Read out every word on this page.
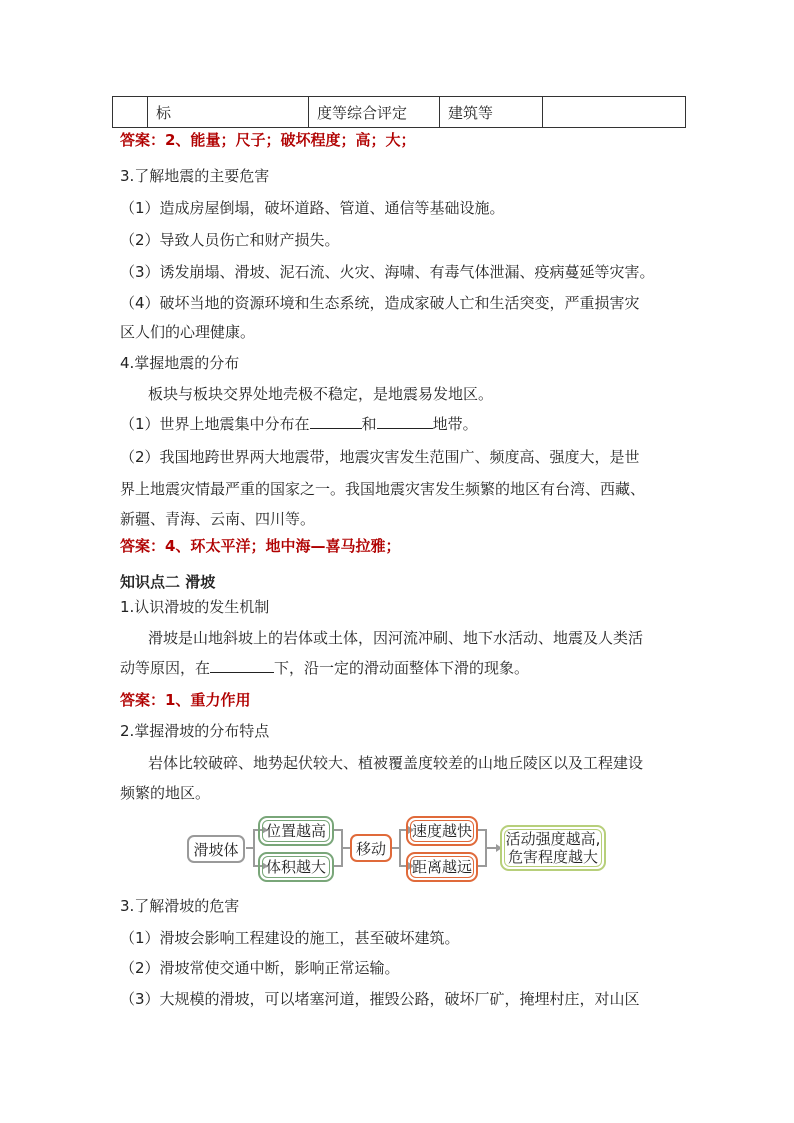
	标	度等综合评定	建筑等	
答案：2、能量；尺子；破坏程度；高；大；
3.了解地震的主要危害
（1）造成房屋倒塌，破坏道路、管道、通信等基础设施。
（2）导致人员伤亡和财产损失。
（3）诱发崩塌、滑坡、泥石流、火灾、海啸、有毒气体泄漏、疫病蔓延等灾害。
（4）破坏当地的资源环境和生态系统，造成家破人亡和生活突变，严重损害灾
区人们的心理健康。
4.掌握地震的分布
板块与板块交界处地壳极不稳定，是地震易发地区。
（1）世界上地震集中分布在	和	地带。
（2）我国地跨世界两大地震带，地震灾害发生范围广、频度高、强度大，是世
界上地震灾情最严重的国家之一。我国地震灾害发生频繁的地区有台湾、西藏、
新疆、青海、云南、四川等。
答案：4、环太平洋；地中海—喜马拉雅；
知识点二 滑坡
1.认识滑坡的发生机制
滑坡是山地斜坡上的岩体或土体，因河流冲刷、地下水活动、地震及人类活
动等原因，在	下，沿一定的滑动面整体下滑的现象。
答案：1、重力作用
2.掌握滑坡的分布特点
岩体比较破碎、地势起伏较大、植被覆盖度较差的山地丘陵区以及工程建设
频繁的地区。
滑坡体
位置越高
体积越大
移动
速度越快
距离越远
活动强度越高,
危害程度越大
3.了解滑坡的危害
（1）滑坡会影响工程建设的施工，甚至破坏建筑。
（2）滑坡常使交通中断，影响正常运输。
（3）大规模的滑坡，可以堵塞河道，摧毁公路，破坏厂矿，掩埋村庄，对山区
